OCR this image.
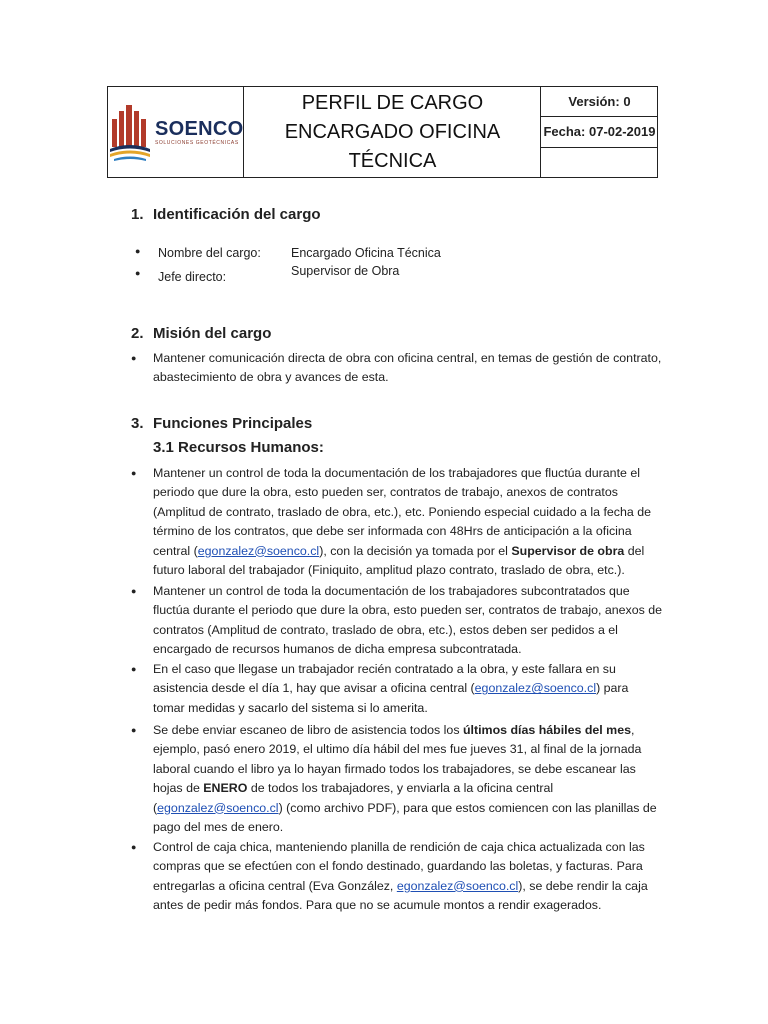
SOENCO
SOLUCIONES GEOTÉCNICAS

PERFIL DE CARGO
ENCARGADO OFICINA TÉCNICA
	Versión: 0
Fecha: 07-02-2019

1. Identificación del cargo
● Nombre del cargo: Encargado Oficina Técnica
● Jefe directo:	Supervisor de Obra
2. Misión del cargo
● Mantener comunicación directa de obra con oficina central, en temas de gestión de contrato, abastecimiento de obra y avances de esta.
3. Funciones Principales
3.1 Recursos Humanos:
● Mantener un control de toda la documentación de los trabajadores que fluctúa durante el periodo que dure la obra, esto pueden ser, contratos de trabajo, anexos de contratos (Amplitud de contrato, traslado de obra, etc.), etc. Poniendo especial cuidado a la fecha de término de los contratos, que debe ser informada con 48Hrs de anticipación a la oficina central (egonzalez@soenco.cl), con la decisión ya tomada por el Supervisor de obra del futuro laboral del trabajador (Finiquito, amplitud plazo contrato, traslado de obra, etc.).
● Mantener un control de toda la documentación de los trabajadores subcontratados que fluctúa durante el periodo que dure la obra, esto pueden ser, contratos de trabajo, anexos de contratos (Amplitud de contrato, traslado de obra, etc.), estos deben ser pedidos a el encargado de recursos humanos de dicha empresa subcontratada.
● En el caso que llegase un trabajador recién contratado a la obra, y este fallara en su asistencia desde el día 1, hay que avisar a oficina central (egonzalez@soenco.cl) para tomar medidas y sacarlo del sistema si lo amerita.
● Se debe enviar escaneo de libro de asistencia todos los últimos días hábiles del mes, ejemplo, pasó enero 2019, el ultimo día hábil del mes fue jueves 31, al final de la jornada laboral cuando el libro ya lo hayan firmado todos los trabajadores, se debe escanear las hojas de ENERO de todos los trabajadores, y enviarla a la oficina central (egonzalez@soenco.cl) (como archivo PDF), para que estos comiencen con las planillas de pago del mes de enero.
● Control de caja chica, manteniendo planilla de rendición de caja chica actualizada con las compras que se efectúen con el fondo destinado, guardando las boletas, y facturas. Para entregarlas a oficina central (Eva González, egonzalez@soenco.cl), se debe rendir la caja antes de pedir más fondos. Para que no se acumule montos a rendir exagerados.
